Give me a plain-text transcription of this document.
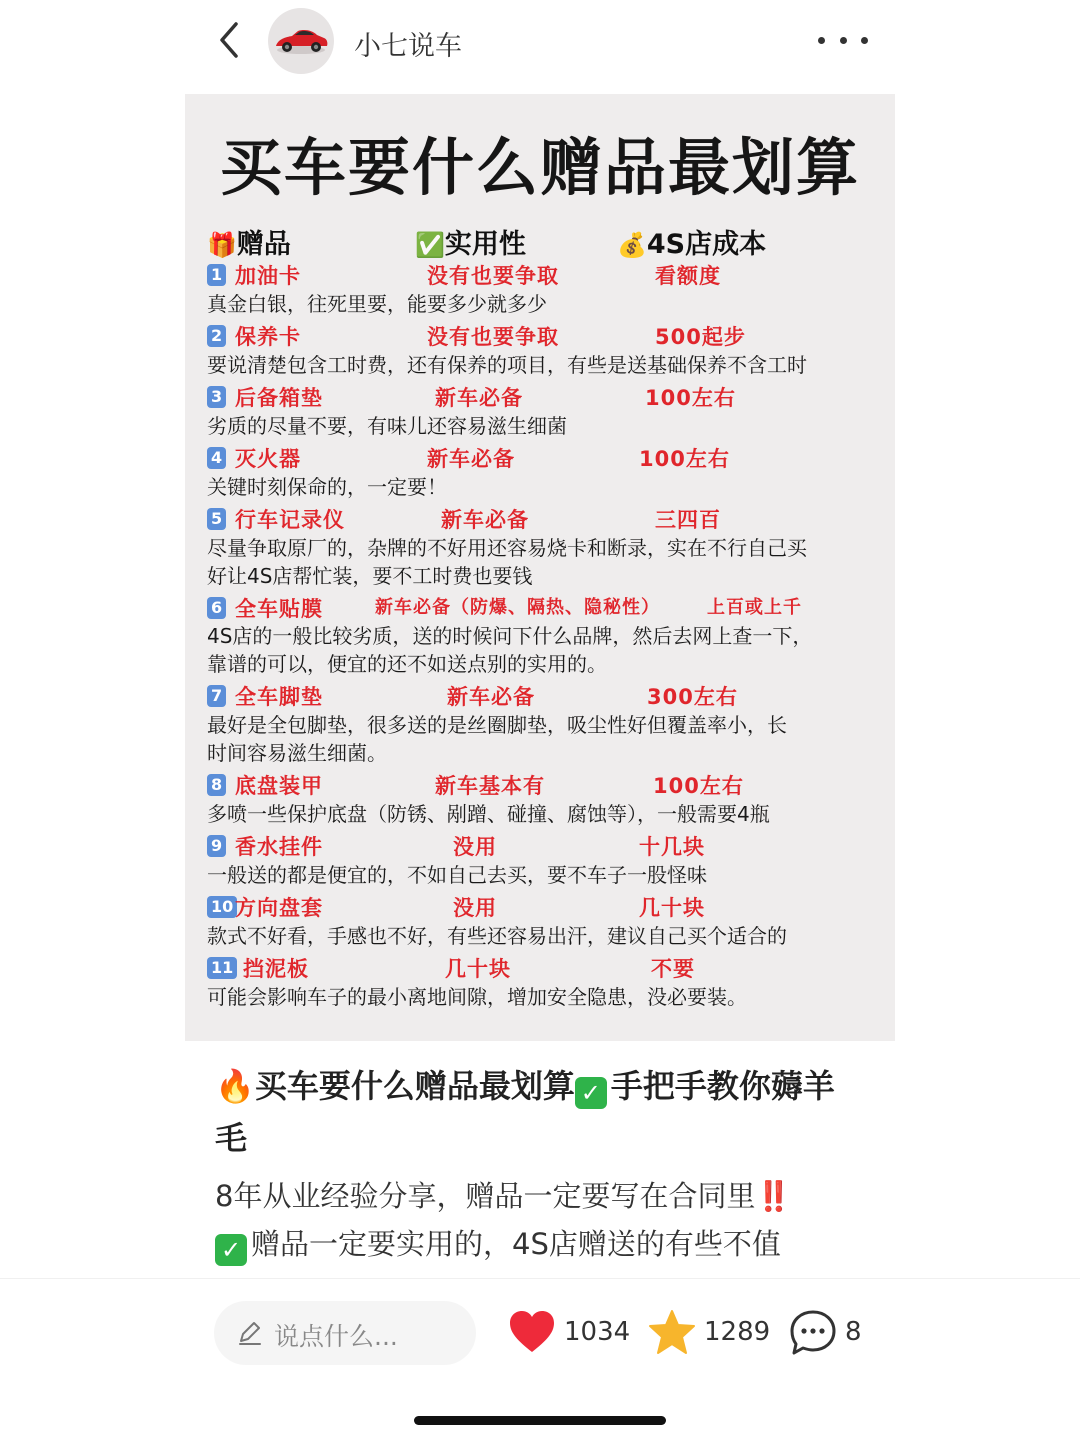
小七说车
买车要什么赠品最划算
🎁赠品	✅实用性	💰4S店成本
1 加油卡	没有也要争取	看额度
真金白银，往死里要，能要多少就多少
2 保养卡	没有也要争取	500起步
要说清楚包含工时费，还有保养的项目，有些是送基础保养不含工时
3 后备箱垫	新车必备	100左右
劣质的尽量不要，有味儿还容易滋生细菌
4 灭火器	新车必备	100左右
关键时刻保命的，一定要！
5 行车记录仪	新车必备	三四百
尽量争取原厂的，杂牌的不好用还容易烧卡和断录，实在不行自己买
好让4S店帮忙装，要不工时费也要钱
6 全车贴膜	新车必备（防爆、隔热、隐秘性）	上百或上千
4S店的一般比较劣质，送的时候问下什么品牌，然后去网上查一下，
靠谱的可以，便宜的还不如送点别的实用的。
7 全车脚垫	新车必备	300左右
最好是全包脚垫，很多送的是丝圈脚垫，吸尘性好但覆盖率小，长
时间容易滋生细菌。
8 底盘装甲	新车基本有	100左右
多喷一些保护底盘（防锈、剐蹭、碰撞、腐蚀等），一般需要4瓶
9 香水挂件	没用	十几块
一般送的都是便宜的，不如自己去买，要不车子一股怪味
10 方向盘套	没用	几十块
款式不好看，手感也不好，有些还容易出汗，建议自己买个适合的
11 挡泥板	几十块	不要
可能会影响车子的最小离地间隙，增加安全隐患，没必要装。
🔥买车要什么赠品最划算 ✓ 手把手教你薅羊毛
8年从业经验分享，赠品一定要写在合同里‼️
✓ 赠品一定要实用的，4S店赠送的有些不值
说点什么...	1034	1289	8
